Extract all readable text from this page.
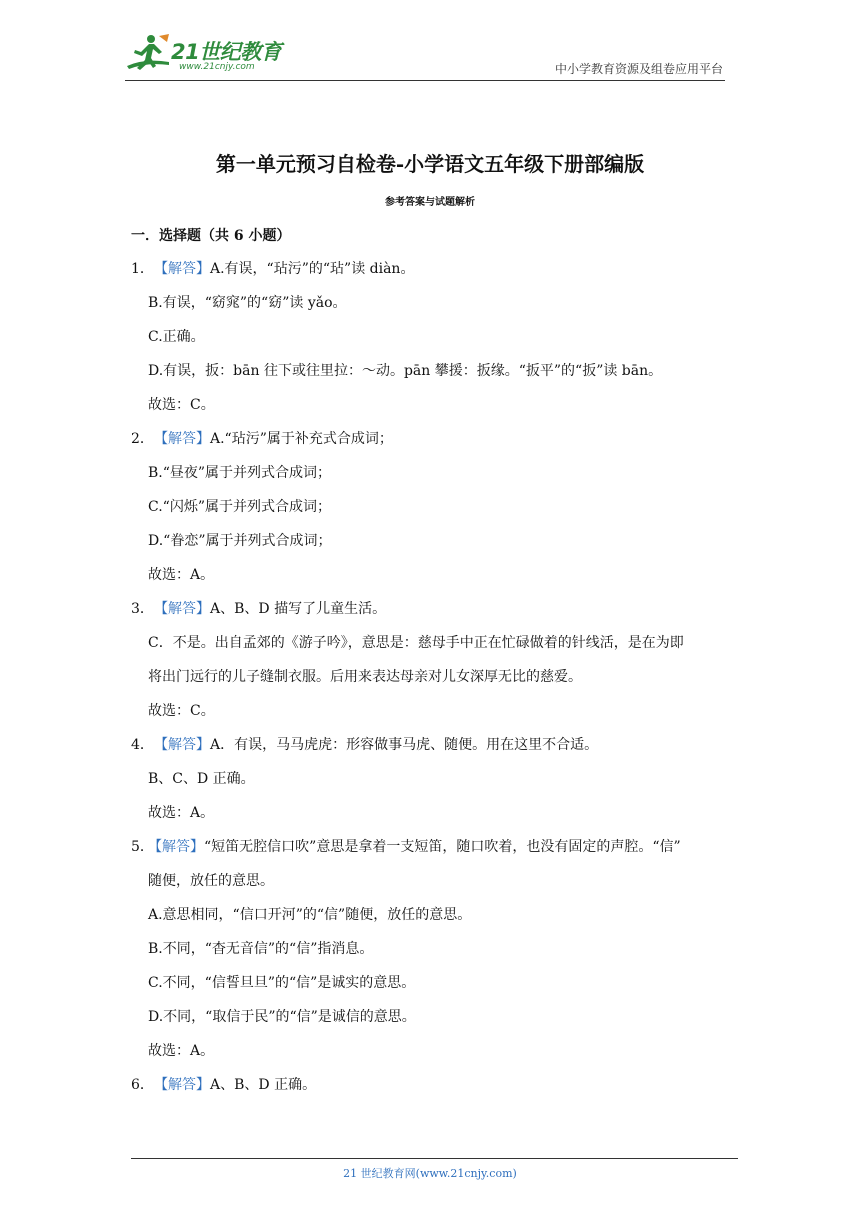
21世纪教育
www.21cnjy.com	中小学教育资源及组卷应用平台
第一单元预习自检卷-小学语文五年级下册部编版
参考答案与试题解析
一．选择题（共 6 小题）
1． 【解答】A.有误，“玷污”的“玷”读 diàn。
B.有误，“窈窕”的“窈”读 yǎo。
C.正确。
D.有误，扳：bān 往下或往里拉：～动。pān 攀援：扳缘。“扳平”的“扳”读 bān。
故选：C。
2． 【解答】A.“玷污”属于补充式合成词；
B.“昼夜”属于并列式合成词；
C.“闪烁”属于并列式合成词；
D.“眷恋”属于并列式合成词；
故选：A。
3． 【解答】A、B、D 描写了儿童生活。
C．不是。出自孟郊的《游子吟》，意思是：慈母手中正在忙碌做着的针线活，是在为即
将出门远行的儿子缝制衣服。后用来表达母亲对儿女深厚无比的慈爱。
故选：C。
4． 【解答】A．有误，马马虎虎：形容做事马虎、随便。用在这里不合适。
B、C、D 正确。
故选：A。
5．
【解答】“短笛无腔信口吹”意思是拿着一支短笛，随口吹着，也没有固定的声腔。“信”
随便，放任的意思。
A.意思相同，“信口开河”的“信”随便，放任的意思。
B.不同，“杳无音信”的“信”指消息。
C.不同，“信誓旦旦”的“信”是诚实的意思。
D.不同，“取信于民”的“信”是诚信的意思。
故选：A。
6． 【解答】A、B、D 正确。
21 世纪教育网(www.21cnjy.com)
